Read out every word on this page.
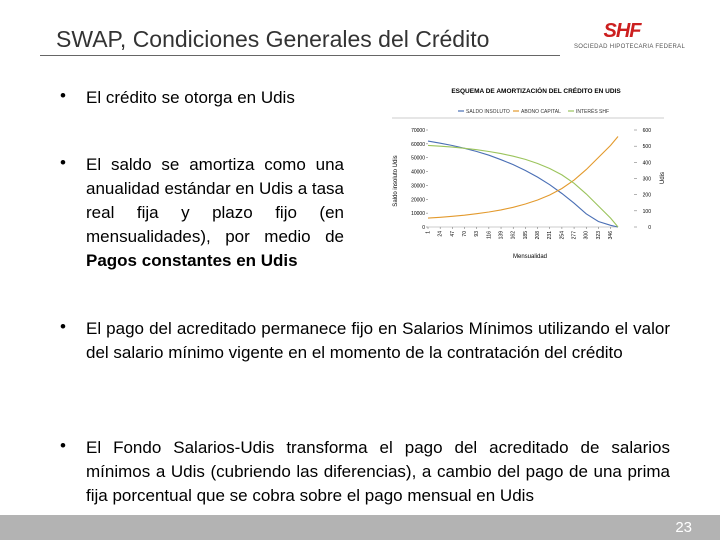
SWAP, Condiciones Generales del Crédito	SHF
SOCIEDAD HIPOTECARIA FEDERAL
• El crédito se otorga en Udis
• El saldo se amortiza como una anualidad estándar en Udis a tasa real fija y plazo fijo (en mensualidades), por medio de Pagos constantes en Udis
• El pago del acreditado permanece fijo en Salarios Mínimos utilizando el valor del salario mínimo vigente en el momento de la contratación del crédito
• El Fondo Salarios-Udis transforma el pago del acreditado de salarios mínimos a Udis (cubriendo las diferencias), a cambio del pago de una prima fija porcentual que se cobra sobre el pago mensual en Udis
ESQUEMA DE AMORTIZACIÓN DEL CRÉDITO EN UDIS
SALDO INSOLUTO ABONO CAPITAL	INTERÉS SHF
Saldo insoluto Udis	Udis
Mensualidad
70000
60000
50000
40000
30000
20000
10000
0
600
500
400
300
200
100
0
1 24 47 70 93 116 139 162 185 208 231 254 277 300 323 346
23
